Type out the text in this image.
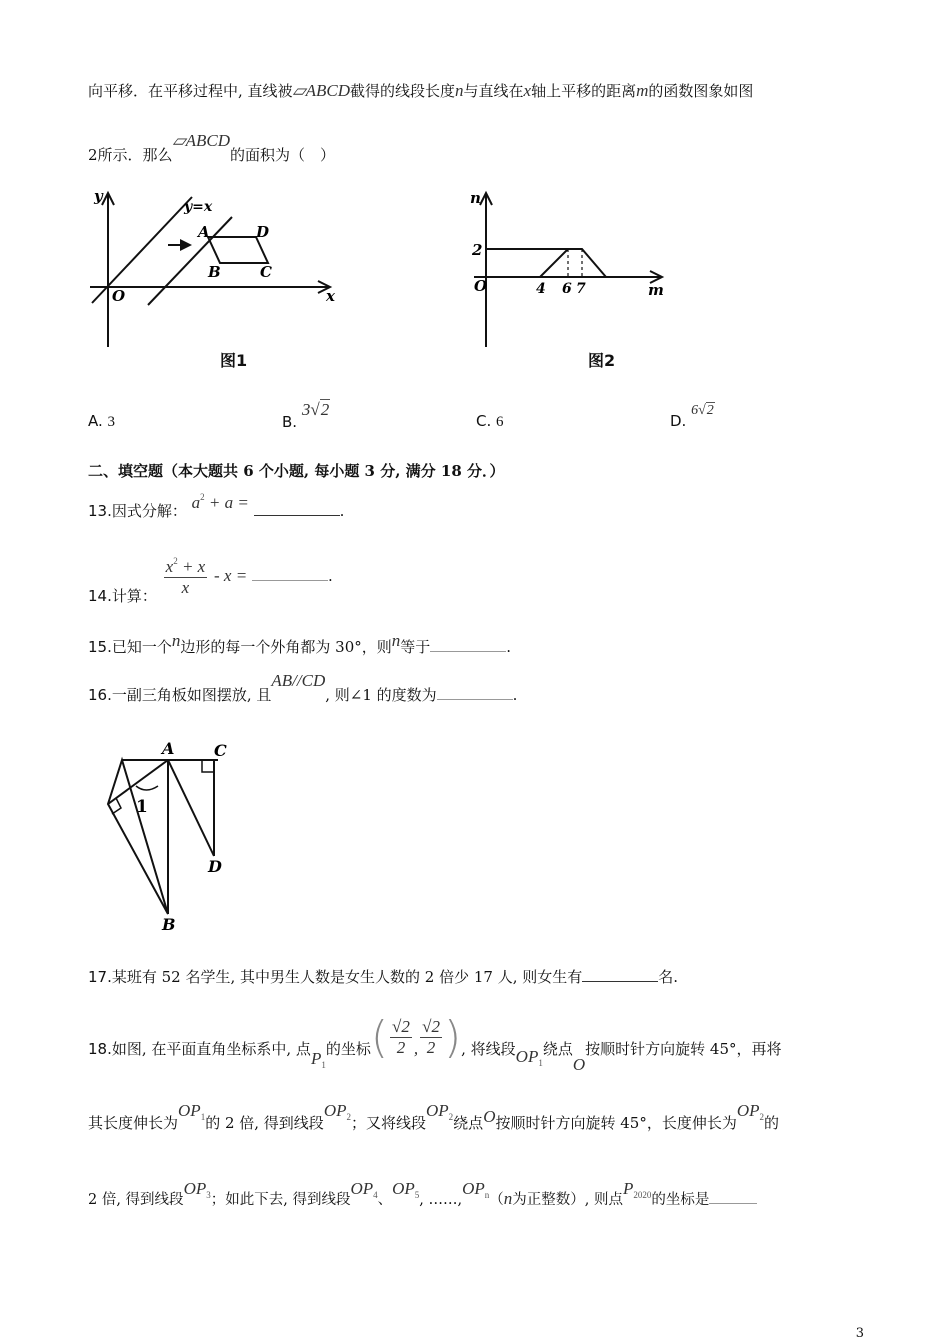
向平移．在平移过程中, 直线被▱ABCD截得的线段长度n与直线在x轴上平移的距离m的函数图象如图
2所示．那么▱ABCD的面积为（　）
y
x
O
y=x
A	D
B	C
图1
n
m
O
2
4 6 7
图2
A. 3	B. 3√2
C. 6	D. 6√2
二、填空题（本大题共 6 个小题, 每小题 3 分, 满分 18 分．）
13.因式分解： $a^2 + a$ =	.
14.计算： $\frac{x^2 + x}{x}$ - x =	.
15.已知一个n边形的每一个外角都为 30°，则n等于	.
16.一副三角板如图摆放, 且AB//CD, 则∠1 的度数为	.
A C
D
B
1
17.某班有 52 名学生, 其中男生人数是女生人数的 2 倍少 17 人, 则女生有	名.
18.如图, 在平面直角坐标系中, 点$P_1$的坐标( $\frac{√2}{2}$ , $\frac{√2}{2}$ ), 将线段$OP_1$绕点O按顺时针方向旋转 45°，再将
其长度伸长为$OP_1$的 2 倍, 得到线段$OP_2$；又将线段$OP_2$绕点O按顺时针方向旋转 45°，长度伸长为$OP_2$的
2 倍, 得到线段$OP_3$；如此下去, 得到线段$OP_4$、$OP_5$, $\dots\dots,OP_n(n$为正整数）, 则点$P_{2020}$的坐标是
3
